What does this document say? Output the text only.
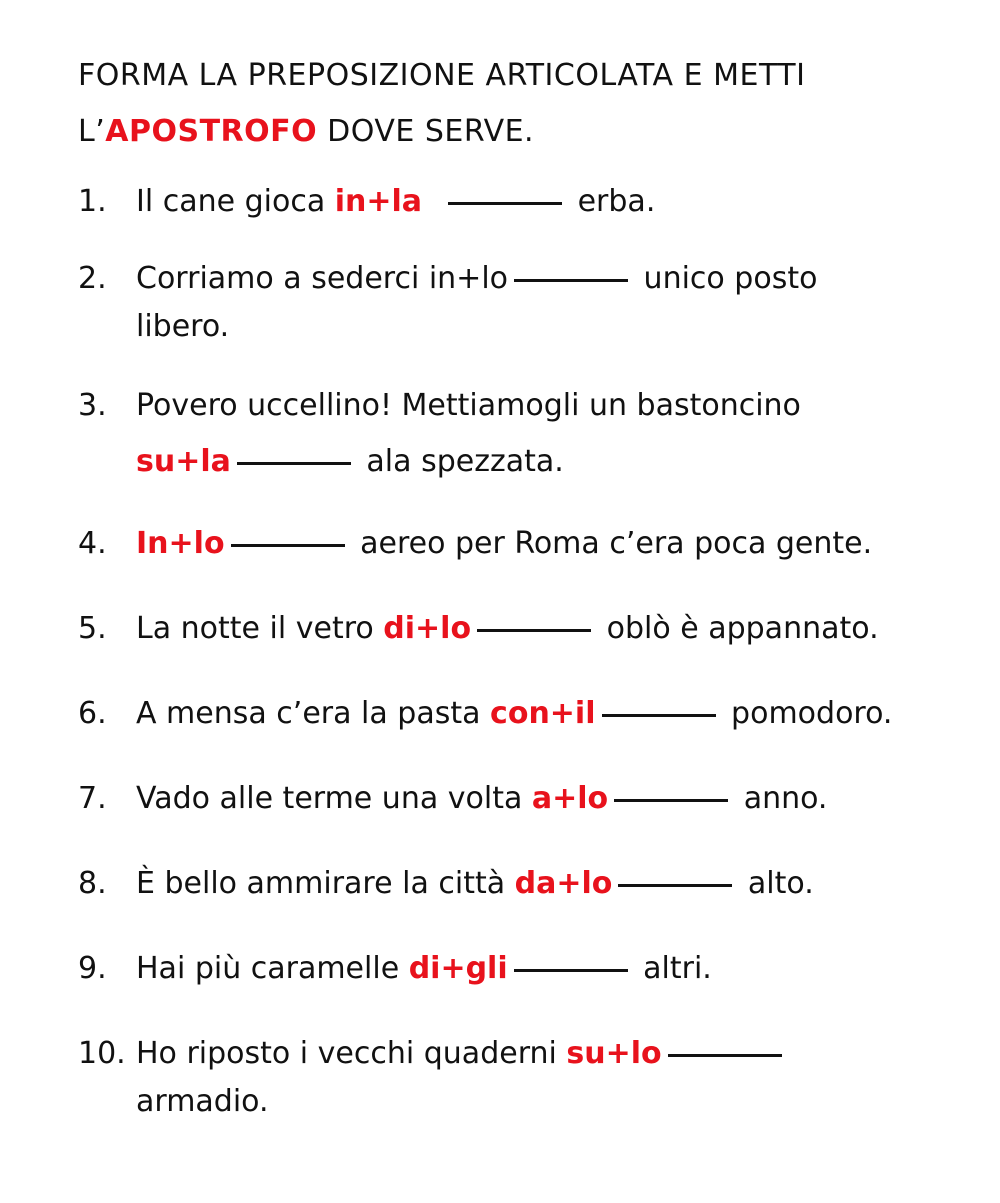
FORMA LA PREPOSIZIONE ARTICOLATA E METTI
L’APOSTROFO DOVE SERVE.
1. Il cane gioca in+la	erba.
2. Corriamo a sederci in+lo	unico posto
libero.
3. Povero uccellino! Mettiamogli un bastoncino
su+la	ala spezzata.
4. In+lo	aereo per Roma c’era poca gente.
5. La notte il vetro di+lo	oblò è appannato.
6. A mensa c’era la pasta con+il	pomodoro.
7. Vado alle terme una volta a+lo	anno.
8. È bello ammirare la città da+lo	alto.
9. Hai più caramelle di+gli	altri.
10. Ho riposto i vecchi quaderni su+lo
armadio.
